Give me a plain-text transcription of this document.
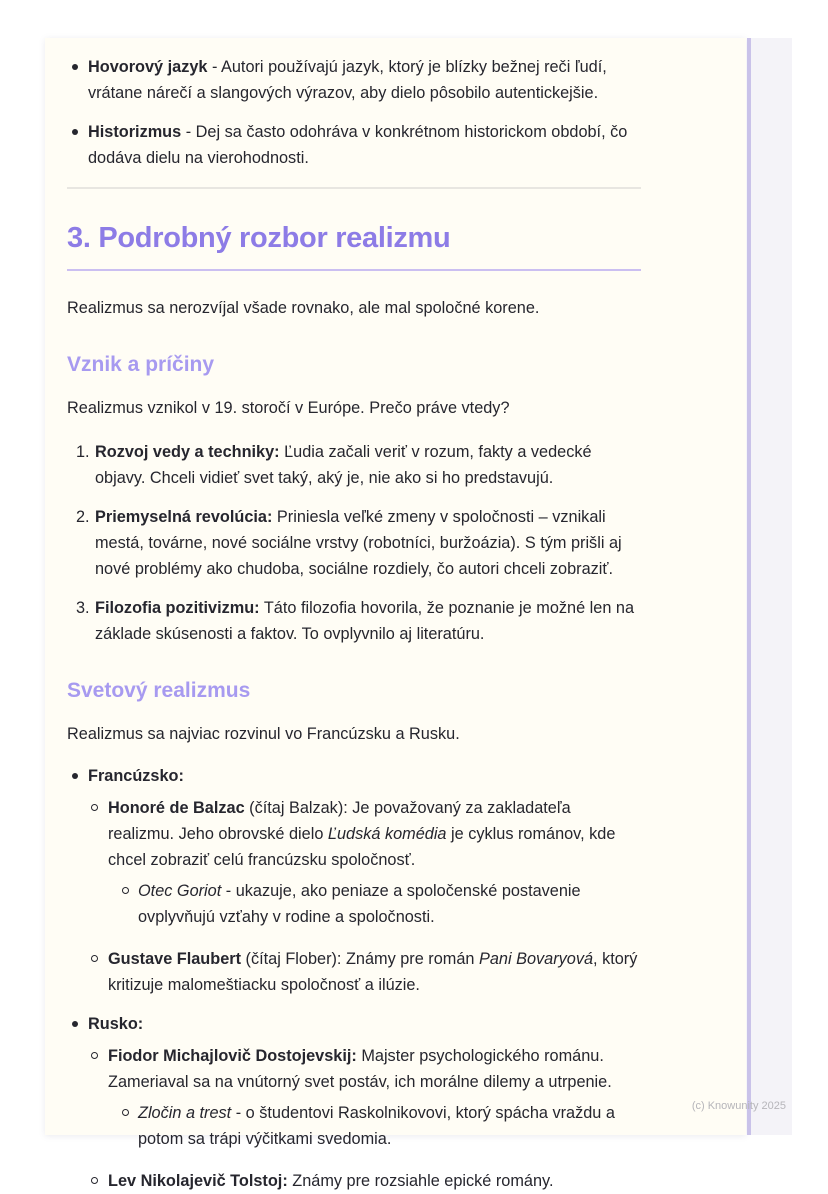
Hovorový jazyk - Autori používajú jazyk, ktorý je blízky bežnej reči ľudí, vrátane nárečí a slangových výrazov, aby dielo pôsobilo autentickejšie.
Historizmus - Dej sa často odohráva v konkrétnom historickom období, čo dodáva dielu na vierohodnosti.
3. Podrobný rozbor realizmu

Realizmus sa nerozvíjal všade rovnako, ale mal spoločné korene.

Vznik a príčiny

Realizmus vznikol v 19. storočí v Európe. Prečo práve vtedy?

1. Rozvoj vedy a techniky: Ľudia začali veriť v rozum, fakty a vedecké objavy. Chceli vidieť svet taký, aký je, nie ako si ho predstavujú.
2. Priemyselná revolúcia: Priniesla veľké zmeny v spoločnosti – vznikali mestá, továrne, nové sociálne vrstvy (robotníci, buržoázia). S tým prišli aj nové problémy ako chudoba, sociálne rozdiely, čo autori chceli zobraziť.
3. Filozofia pozitivizmu: Táto filozofia hovorila, že poznanie je možné len na základe skúsenosti a faktov. To ovplyvnilo aj literatúru.
Svetový realizmus

Realizmus sa najviac rozvinul vo Francúzsku a Rusku.

Francúzsko:
Honoré de Balzac (čítaj Balzak): Je považovaný za zakladateľa realizmu. Jeho obrovské dielo Ľudská komédia je cyklus románov, kde chcel zobraziť celú francúzsku spoločnosť.
Otec Goriot - ukazuje, ako peniaze a spoločenské postavenie ovplyvňujú vzťahy v rodine a spoločnosti.
Gustave Flaubert (čítaj Flober): Známy pre román Pani Bovaryová, ktorý kritizuje malomeštiacku spoločnosť a ilúzie.
Rusko:
Fiodor Michajlovič Dostojevskij: Majster psychologického románu. Zameriaval sa na vnútorný svet postáv, ich morálne dilemy a utrpenie.
Zločin a trest - o študentovi Raskolnikovovi, ktorý spácha vraždu a potom sa trápi výčitkami svedomia.
Lev Nikolajevič Tolstoj: Známy pre rozsiahle epické romány.
(c) Knowunity 2025
